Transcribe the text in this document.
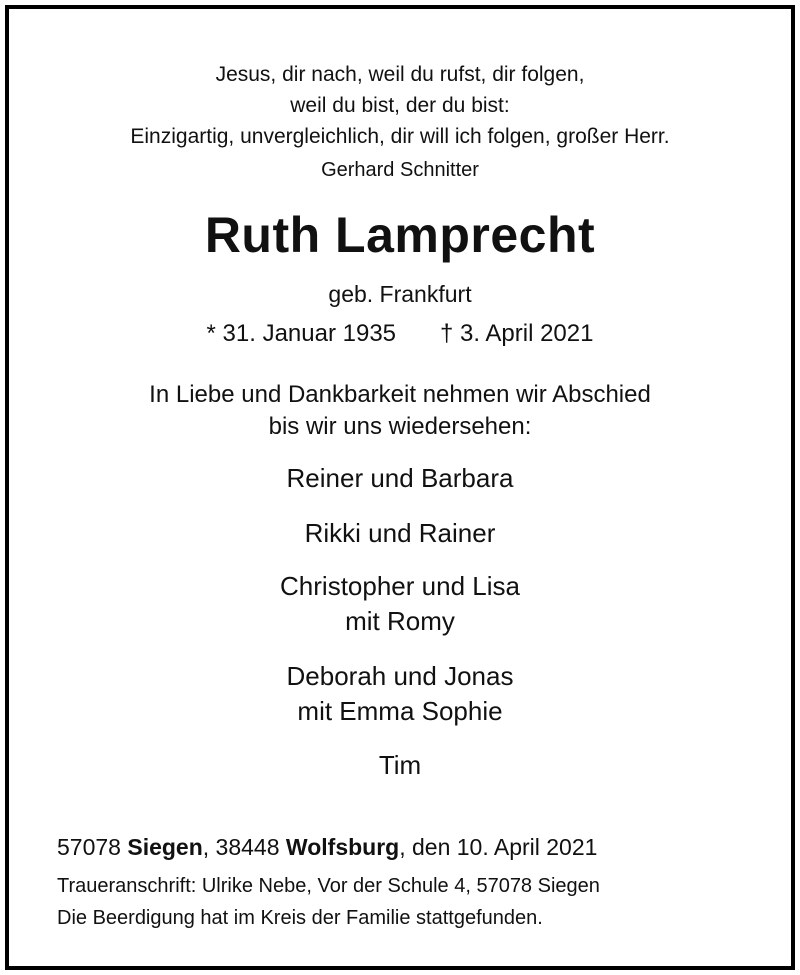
Jesus, dir nach, weil du rufst, dir folgen,
weil du bist, der du bist:
Einzigartig, unvergleichlich, dir will ich folgen, großer Herr.
Gerhard Schnitter
Ruth Lamprecht
geb. Frankfurt
* 31. Januar 1935 † 3. April 2021
In Liebe und Dankbarkeit nehmen wir Abschied
bis wir uns wiedersehen:
Reiner und Barbara
Rikki und Rainer
Christopher und Lisa
mit Romy
Deborah und Jonas
mit Emma Sophie
Tim
57078 Siegen, 38448 Wolfsburg, den 10. April 2021
Traueranschrift: Ulrike Nebe, Vor der Schule 4, 57078 Siegen
Die Beerdigung hat im Kreis der Familie stattgefunden.
